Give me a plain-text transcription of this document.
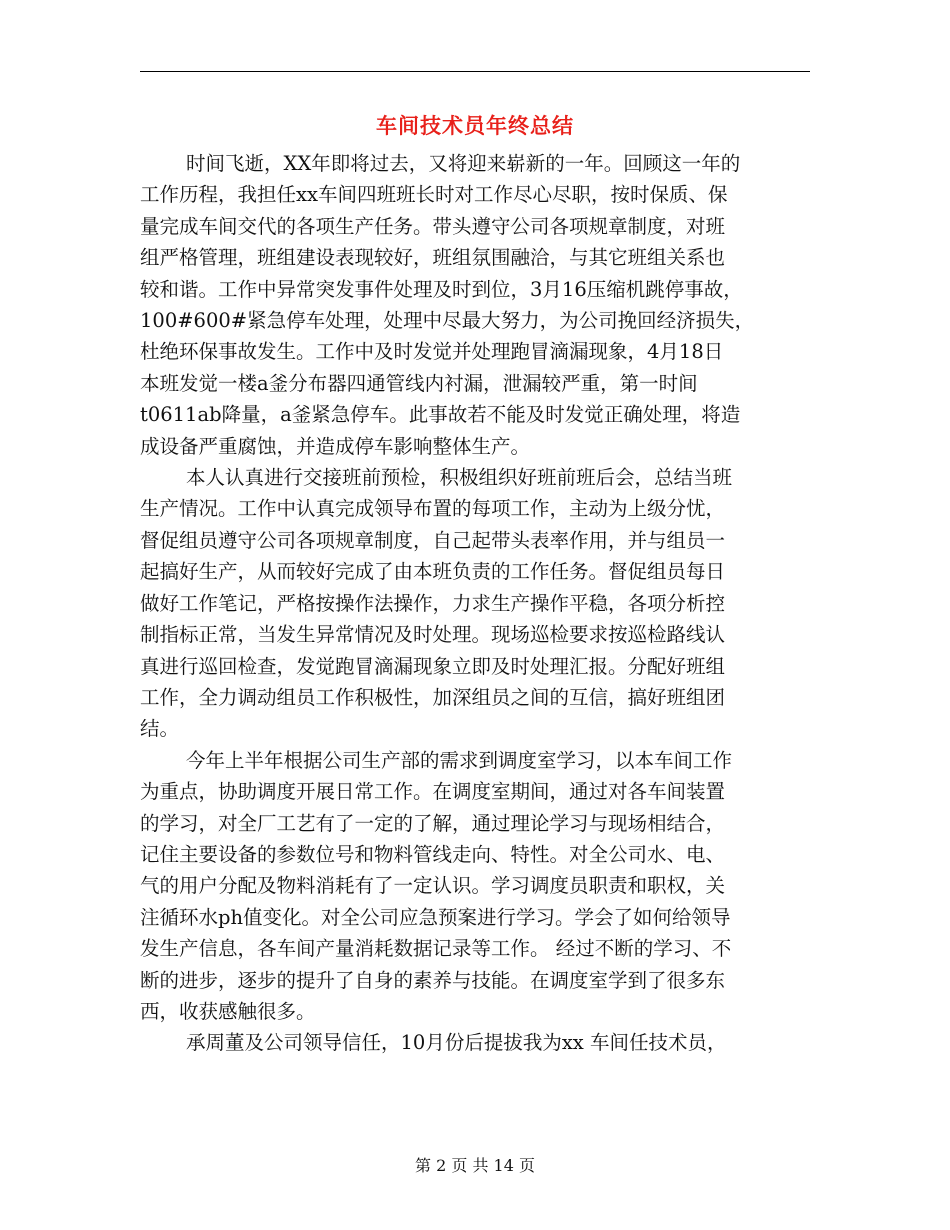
车间技术员年终总结
时间飞逝，XX年即将过去，又将迎来崭新的一年。回顾这一年的
工作历程，我担任xx车间四班班长时对工作尽心尽职，按时保质、保
量完成车间交代的各项生产任务。带头遵守公司各项规章制度，对班
组严格管理，班组建设表现较好，班组氛围融洽，与其它班组关系也
较和谐。工作中异常突发事件处理及时到位，3月16压缩机跳停事故，
100#600#紧急停车处理，处理中尽最大努力，为公司挽回经济损失，
杜绝环保事故发生。工作中及时发觉并处理跑冒滴漏现象，4月18日
本班发觉一楼a釜分布器四通管线内衬漏，泄漏较严重，第一时间
t0611ab降量，a釜紧急停车。此事故若不能及时发觉正确处理，将造
成设备严重腐蚀，并造成停车影响整体生产。
本人认真进行交接班前预检，积极组织好班前班后会，总结当班
生产情况。工作中认真完成领导布置的每项工作，主动为上级分忧，
督促组员遵守公司各项规章制度，自己起带头表率作用，并与组员一
起搞好生产，从而较好完成了由本班负责的工作任务。督促组员每日
做好工作笔记，严格按操作法操作，力求生产操作平稳，各项分析控
制指标正常，当发生异常情况及时处理。现场巡检要求按巡检路线认
真进行巡回检查，发觉跑冒滴漏现象立即及时处理汇报。分配好班组
工作，全力调动组员工作积极性，加深组员之间的互信，搞好班组团
结。
今年上半年根据公司生产部的需求到调度室学习，以本车间工作
为重点，协助调度开展日常工作。在调度室期间，通过对各车间装置
的学习，对全厂工艺有了一定的了解，通过理论学习与现场相结合，
记住主要设备的参数位号和物料管线走向、特性。对全公司水、电、
气的用户分配及物料消耗有了一定认识。学习调度员职责和职权，关
注循环水ph值变化。对全公司应急预案进行学习。学会了如何给领导
发生产信息，各车间产量消耗数据记录等工作。 经过不断的学习、不
断的进步，逐步的提升了自身的素养与技能。在调度室学到了很多东
西，收获感触很多。
承周董及公司领导信任，10月份后提拔我为xx 车间任技术员，
第 2 页 共 14 页
